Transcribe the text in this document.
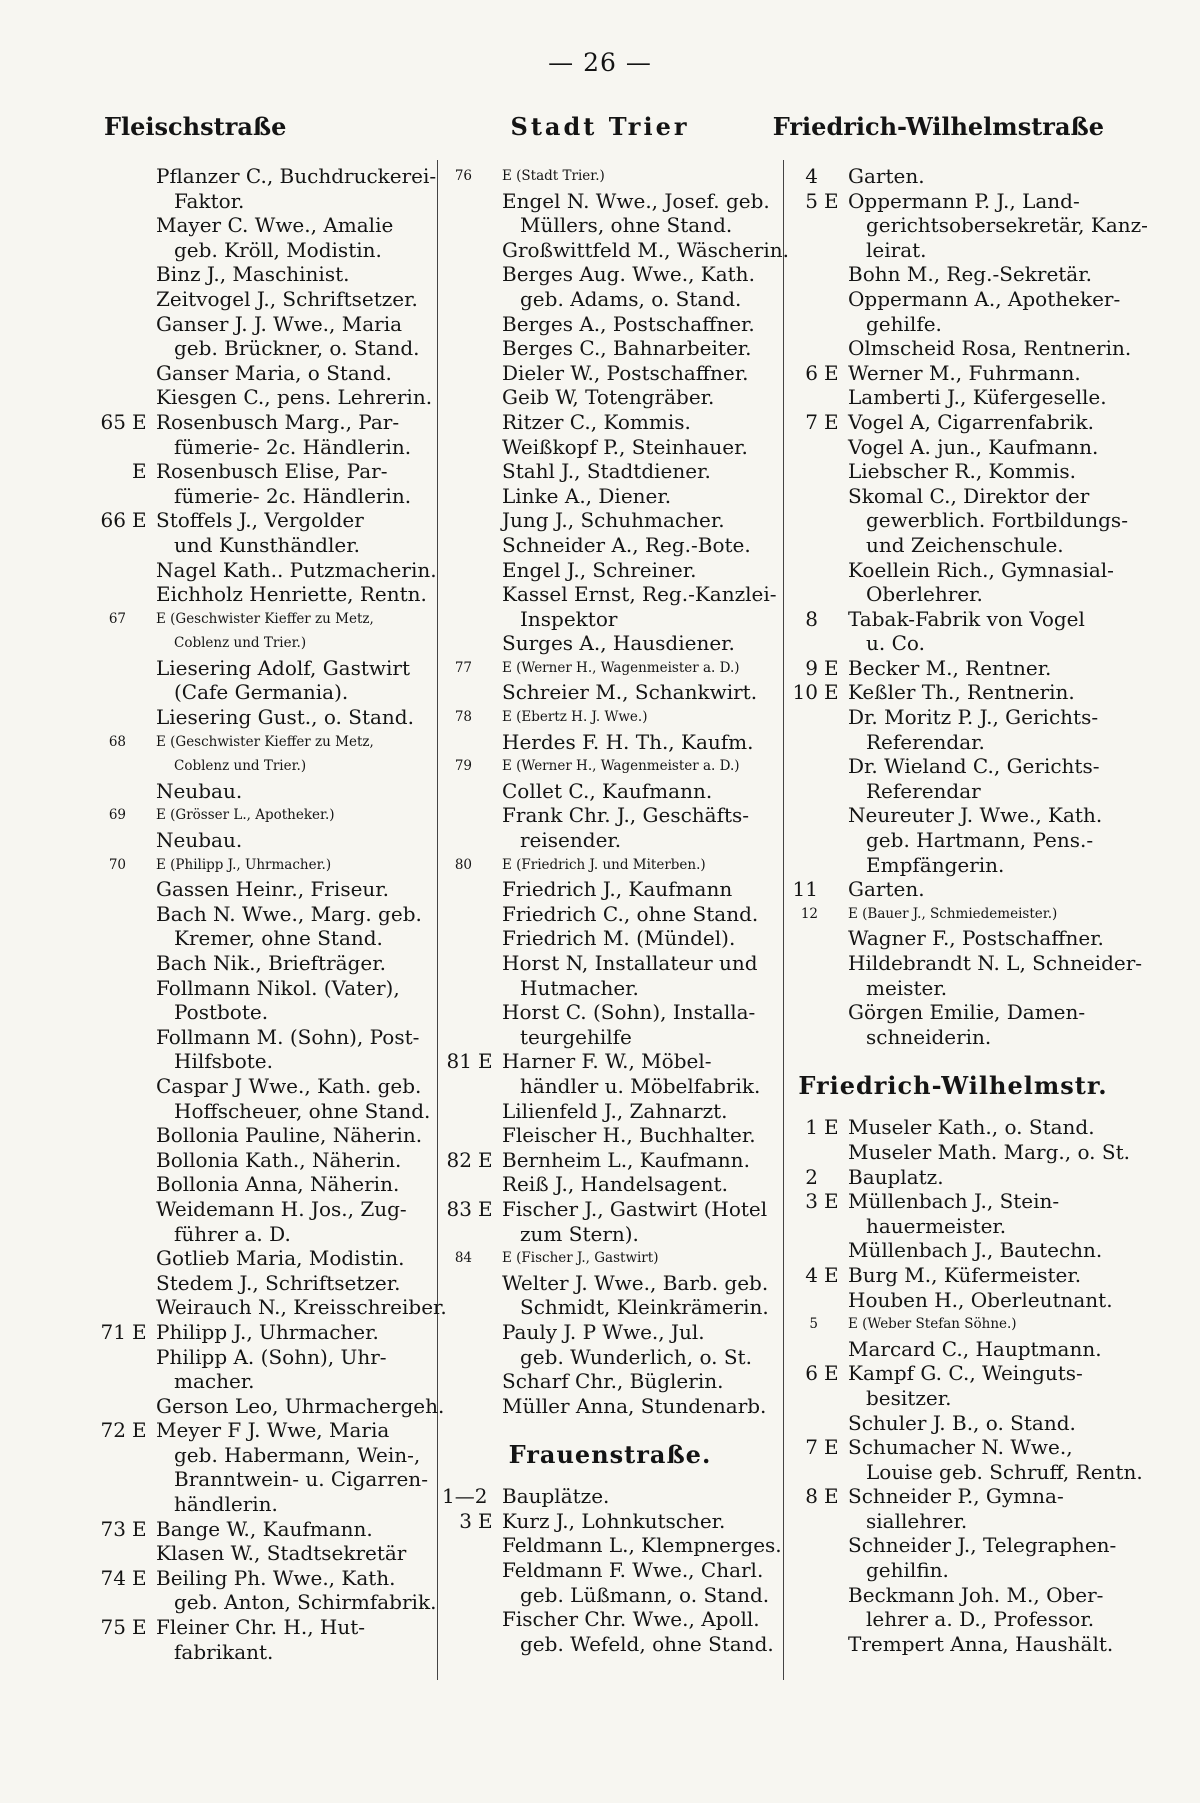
— 26 —
Fleischstraße	Stadt Trier	Friedrich-Wilhelmstraße
Pflanzer C., Buchdruckerei-
Faktor.
Mayer C. Wwe., Amalie
geb. Kröll, Modistin.
Binz J., Maschinist.
Zeitvogel J., Schriftsetzer.
Ganser J. J. Wwe., Maria
geb. Brückner, o. Stand.
Ganser Maria, o Stand.
Kiesgen C., pens. Lehrerin.
65 E Rosenbusch Marg., Par-
fümerie- 2c. Händlerin.
E Rosenbusch Elise, Par-
fümerie- 2c. Händlerin.
66 E Stoffels J., Vergolder
und Kunsthändler.
Nagel Kath.. Putzmacherin.
Eichholz Henriette, Rentn.
67	E (Geschwister Kieffer zu Metz,
Coblenz und Trier.)
Liesering Adolf, Gastwirt
(Cafe Germania).
Liesering Gust., o. Stand.
68	E (Geschwister Kieffer zu Metz,
Coblenz und Trier.)
Neubau.
69	E (Grösser L., Apotheker.)
Neubau.
70	E (Philipp J., Uhrmacher.)
Gassen Heinr., Friseur.
Bach N. Wwe., Marg. geb.
Kremer, ohne Stand.
Bach Nik., Briefträger.
Follmann Nikol. (Vater),
Postbote.
Follmann M. (Sohn), Post-
Hilfsbote.
Caspar J Wwe., Kath. geb.
Hoffscheuer, ohne Stand.
Bollonia Pauline, Näherin.
Bollonia Kath., Näherin.
Bollonia Anna, Näherin.
Weidemann H. Jos., Zug-
führer a. D.
Gotlieb Maria, Modistin.
Stedem J., Schriftsetzer.
Weirauch N., Kreisschreiber.
71 E Philipp J., Uhrmacher.
Philipp A. (Sohn), Uhr-
macher.
Gerson Leo, Uhrmachergeh.
72 E Meyer F J. Wwe, Maria
geb. Habermann, Wein-,
Branntwein- u. Cigarren-
händlerin.
73 E Bange W., Kaufmann.
Klasen W., Stadtsekretär
74 E Beiling Ph. Wwe., Kath.
geb. Anton, Schirmfabrik.
75 E Fleiner Chr. H., Hut-
fabrikant.
76	E (Stadt Trier.)
Engel N. Wwe., Josef. geb.
Müllers, ohne Stand.
Großwittfeld M., Wäscherin.
Berges Aug. Wwe., Kath.
geb. Adams, o. Stand.
Berges A., Postschaffner.
Berges C., Bahnarbeiter.
Dieler W., Postschaffner.
Geib W, Totengräber.
Ritzer C., Kommis.
Weißkopf P., Steinhauer.
Stahl J., Stadtdiener.
Linke A., Diener.
Jung J., Schuhmacher.
Schneider A., Reg.-Bote.
Engel J., Schreiner.
Kassel Ernst, Reg.-Kanzlei-
Inspektor
Surges A., Hausdiener.
77	E (Werner H., Wagenmeister a. D.)
Schreier M., Schankwirt.
78	E (Ebertz H. J. Wwe.)
Herdes F. H. Th., Kaufm.
79	E (Werner H., Wagenmeister a. D.)
Collet C., Kaufmann.
Frank Chr. J., Geschäfts-
reisender.
80	E (Friedrich J. und Miterben.)
Friedrich J., Kaufmann
Friedrich C., ohne Stand.
Friedrich M. (Mündel).
Horst N, Installateur und
Hutmacher.
Horst C. (Sohn), Installa-
teurgehilfe
81 E Harner F. W., Möbel-
händler u. Möbelfabrik.
Lilienfeld J., Zahnarzt.
Fleischer H., Buchhalter.
82 E Bernheim L., Kaufmann.
Reiß J., Handelsagent.
83 E Fischer J., Gastwirt (Hotel
zum Stern).
84	E (Fischer J., Gastwirt)
Welter J. Wwe., Barb. geb.
Schmidt, Kleinkrämerin.
Pauly J. P Wwe., Jul.
geb. Wunderlich, o. St.
Scharf Chr., Büglerin.
Müller Anna, Stundenarb.
Frauenstraße.
1—2 Bauplätze.
3 E Kurz J., Lohnkutscher.
Feldmann L., Klempnerges.
Feldmann F. Wwe., Charl.
geb. Lüßmann, o. Stand.
Fischer Chr. Wwe., Apoll.
geb. Wefeld, ohne Stand.
4	Garten.
5 E Oppermann P. J., Land-
gerichtsobersekretär, Kanz-
leirat.
Bohn M., Reg.-Sekretär.
Oppermann A., Apotheker-
gehilfe.
Olmscheid Rosa, Rentnerin.
6 E Werner M., Fuhrmann.
Lamberti J., Küfergeselle.
7 E Vogel A, Cigarrenfabrik.
Vogel A. jun., Kaufmann.
Liebscher R., Kommis.
Skomal C., Direktor der
gewerblich. Fortbildungs-
und Zeichenschule.
Koellein Rich., Gymnasial-
Oberlehrer.
8	Tabak-Fabrik von Vogel
u. Co.
9 E Becker M., Rentner.
10 E Keßler Th., Rentnerin.
Dr. Moritz P. J., Gerichts-
Referendar.
Dr. Wieland C., Gerichts-
Referendar
Neureuter J. Wwe., Kath.
geb. Hartmann, Pens.-
Empfängerin.
11	Garten.
12	E (Bauer J., Schmiedemeister.)
Wagner F., Postschaffner.
Hildebrandt N. L, Schneider-
meister.
Görgen Emilie, Damen-
schneiderin.
Friedrich-Wilhelmstr.
1 E Museler Kath., o. Stand.
Museler Math. Marg., o. St.
2	Bauplatz.
3 E Müllenbach J., Stein-
hauermeister.
Müllenbach J., Bautechn.
4 E Burg M., Küfermeister.
Houben H., Oberleutnant.
5	E (Weber Stefan Söhne.)
Marcard C., Hauptmann.
6 E Kampf G. C., Weinguts-
besitzer.
Schuler J. B., o. Stand.
7 E Schumacher N. Wwe.,
Louise geb. Schruff, Rentn.
8 E Schneider P., Gymna-
siallehrer.
Schneider J., Telegraphen-
gehilfin.
Beckmann Joh. M., Ober-
lehrer a. D., Professor.
Trempert Anna, Haushält.
